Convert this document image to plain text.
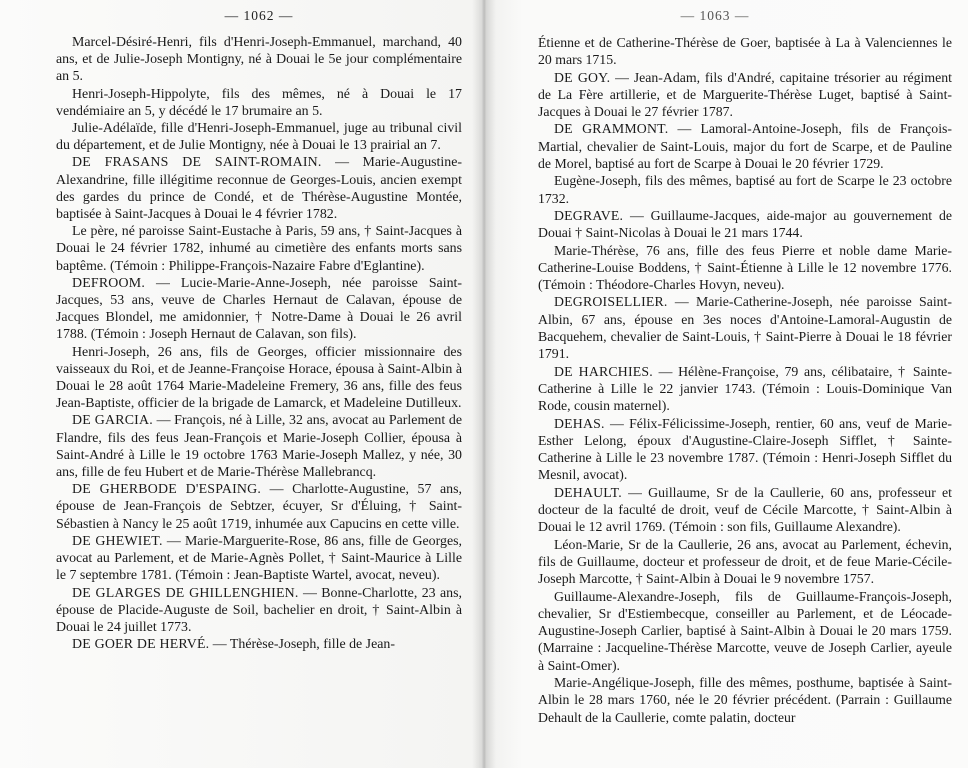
— 1062 —

Marcel-Désiré-Henri, fils d'Henri-Joseph-Emmanuel, marchand, 40 ans, et de Julie-Joseph Montigny, né à Douai le 5e jour complémentaire an 5.

Henri-Joseph-Hippolyte, fils des mêmes, né à Douai le 17 vendémiaire an 5, y décédé le 17 brumaire an 5.

Julie-Adélaïde, fille d'Henri-Joseph-Emmanuel, juge au tribunal civil du département, et de Julie Montigny, née à Douai le 13 prairial an 7.

DE FRASANS DE SAINT-ROMAIN. — Marie-Augustine-Alexandrine, fille illégitime reconnue de Georges-Louis, ancien exempt des gardes du prince de Condé, et de Thérèse-Augustine Montée, baptisée à Saint-Jacques à Douai le 4 février 1782.

Le père, né paroisse Saint-Eustache à Paris, 59 ans, † Saint-Jacques à Douai le 24 février 1782, inhumé au cimetière des enfants morts sans baptême. (Témoin : Philippe-François-Nazaire Fabre d'Eglantine).

DEFROOM. — Lucie-Marie-Anne-Joseph, née paroisse Saint-Jacques, 53 ans, veuve de Charles Hernaut de Calavan, épouse de Jacques Blondel, me amidonnier, † Notre-Dame à Douai le 26 avril 1788. (Témoin : Joseph Hernaut de Calavan, son fils).

Henri-Joseph, 26 ans, fils de Georges, officier missionnaire des vaisseaux du Roi, et de Jeanne-Françoise Horace, épousa à Saint-Albin à Douai le 28 août 1764 Marie-Madeleine Fremery, 36 ans, fille des feus Jean-Baptiste, officier de la brigade de Lamarck, et Madeleine Dutilleux.

DE GARCIA. — François, né à Lille, 32 ans, avocat au Parlement de Flandre, fils des feus Jean-François et Marie-Joseph Collier, épousa à Saint-André à Lille le 19 octobre 1763 Marie-Joseph Mallez, y née, 30 ans, fille de feu Hubert et de Marie-Thérèse Mallebrancq.

DE GHERBODE D'ESPAING. — Charlotte-Augustine, 57 ans, épouse de Jean-François de Sebtzer, écuyer, Sr d'Éluing, † Saint-Sébastien à Nancy le 25 août 1719, inhumée aux Capucins en cette ville.

DE GHEWIET. — Marie-Marguerite-Rose, 86 ans, fille de Georges, avocat au Parlement, et de Marie-Agnès Pollet, † Saint-Maurice à Lille le 7 septembre 1781. (Témoin : Jean-Baptiste Wartel, avocat, neveu).

DE GLARGES DE GHILLENGHIEN. — Bonne-Charlotte, 23 ans, épouse de Placide-Auguste de Soil, bachelier en droit, † Saint-Albin à Douai le 24 juillet 1773.

DE GOER DE HERVÉ. — Thérèse-Joseph, fille de Jean-

— 1063 —

Étienne et de Catherine-Thérèse de Goer, baptisée à La à Valenciennes le 20 mars 1715.

DE GOY. — Jean-Adam, fils d'André, capitaine trésorier au régiment de La Fère artillerie, et de Marguerite-Thérèse Luget, baptisé à Saint-Jacques à Douai le 27 février 1787.

DE GRAMMONT. — Lamoral-Antoine-Joseph, fils de François-Martial, chevalier de Saint-Louis, major du fort de Scarpe, et de Pauline de Morel, baptisé au fort de Scarpe à Douai le 20 février 1729.

Eugène-Joseph, fils des mêmes, baptisé au fort de Scarpe le 23 octobre 1732.

DEGRAVE. — Guillaume-Jacques, aide-major au gouvernement de Douai † Saint-Nicolas à Douai le 21 mars 1744.

Marie-Thérèse, 76 ans, fille des feus Pierre et noble dame Marie-Catherine-Louise Boddens, † Saint-Étienne à Lille le 12 novembre 1776. (Témoin : Théodore-Charles Hovyn, neveu).

DEGROISELLIER. — Marie-Catherine-Joseph, née paroisse Saint-Albin, 67 ans, épouse en 3es noces d'Antoine-Lamoral-Augustin de Bacquehem, chevalier de Saint-Louis, † Saint-Pierre à Douai le 18 février 1791.

DE HARCHIES. — Hélène-Françoise, 79 ans, célibataire, † Sainte-Catherine à Lille le 22 janvier 1743. (Témoin : Louis-Dominique Van Rode, cousin maternel).

DEHAS. — Félix-Félicissime-Joseph, rentier, 60 ans, veuf de Marie-Esther Lelong, époux d'Augustine-Claire-Joseph Sifflet, † Sainte-Catherine à Lille le 23 novembre 1787. (Témoin : Henri-Joseph Sifflet du Mesnil, avocat).

DEHAULT. — Guillaume, Sr de la Caullerie, 60 ans, professeur et docteur de la faculté de droit, veuf de Cécile Marcotte, † Saint-Albin à Douai le 12 avril 1769. (Témoin : son fils, Guillaume Alexandre).

Léon-Marie, Sr de la Caullerie, 26 ans, avocat au Parlement, échevin, fils de Guillaume, docteur et professeur de droit, et de feue Marie-Cécile-Joseph Marcotte, † Saint-Albin à Douai le 9 novembre 1757.

Guillaume-Alexandre-Joseph, fils de Guillaume-François-Joseph, chevalier, Sr d'Estiembecque, conseiller au Parlement, et de Léocade-Augustine-Joseph Carlier, baptisé à Saint-Albin à Douai le 20 mars 1759. (Marraine : Jacqueline-Thérèse Marcotte, veuve de Joseph Carlier, ayeule à Saint-Omer).

Marie-Angélique-Joseph, fille des mêmes, posthume, baptisée à Saint-Albin le 28 mars 1760, née le 20 février précédent. (Parrain : Guillaume Dehault de la Caullerie, comte palatin, docteur
